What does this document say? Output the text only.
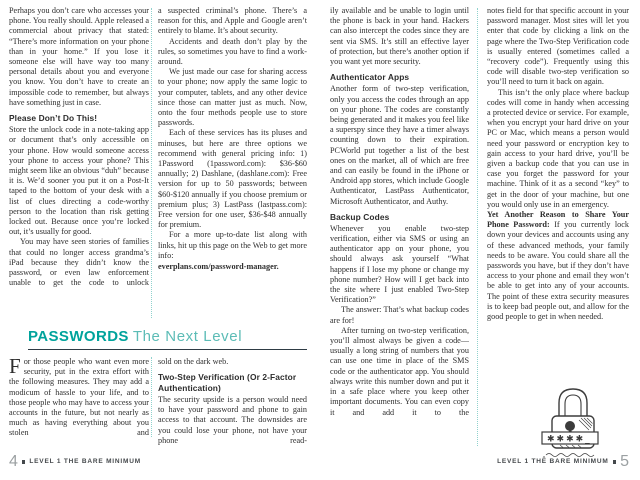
Perhaps you don’t care who accesses your phone. You really should. Apple released a commercial about privacy that stated: “There’s more information on your phone than in your home.” If you lose it someone else will have way too many personal details about you and everyone you know. You don’t have to create an impossible code to remember, but always have something just in case.

Please Don’t Do This!

Store the unlock code in a note-taking app or document that’s only accessible on your phone. How would someone access your phone to access your phone? This might seem like an obvious “duh” because it is. We’d sooner you put it on a Post-It taped to the bottom of your desk with a list of clues directing a code-worthy person to the location than risk getting locked out. Because once you’re locked out, it’s usually for good.

You may have seen stories of families that could no longer access grandma’s iPad because they didn’t know the password, or even law enforcement unable to get the code to unlock

a suspected criminal’s phone. There’s a reason for this, and Apple and Google aren’t entirely to blame. It’s about security.

Accidents and death don’t play by the rules, so sometimes you have to find a work-around.

We just made our case for sharing access to your phone; now apply the same logic to your computer, tablets, and any other device since those can matter just as much. Now, onto the four methods people use to store passwords.

Each of these services has its pluses and minuses, but here are three options we recommend with general pricing info: 1) 1Password (1password.com): $36-$60 annually; 2) Dashlane, (dashlane.com): Free version for up to 50 passwords; between $60-$120 annually if you choose premium or premium plus; 3) LastPass (lastpass.com): Free version for one user, $36-$48 annually for premium.

For a more up-to-date list along with links, hit up this page on the Web to get more info:

everplans.com/password-manager.

PASSWORDS The Next Level

For those people who want even more security, put in the extra effort with the following measures. They may add a modicum of hassle to your life, and to those people who may have to access your accounts in the future, but not nearly as much as having everything about you stolen and

sold on the dark web.

Two-Step Verification (Or 2-Factor Authentication)

The security upside is a person would need to have your password and phone to gain access to that account. The downsides are you could lose your phone, not have your phone read-

ily available and be unable to login until the phone is back in your hand. Hackers can also intercept the codes since they are sent via SMS. It’s still an effective layer of protection, but there’s another option if you want yet more security.

Authenticator Apps

Another form of two-step verification, only you access the codes through an app on your phone. The codes are constantly being generated and it makes you feel like a superspy since they have a timer always counting down to their expiration. PCWorld put together a list of the best ones on the market, all of which are free and can easily be found in the iPhone or Android app stores, which include Google Authenticator, LastPass Authenticator, Microsoft Authenticator, and Authy.

Backup Codes

Whenever you enable two-step verification, either via SMS or using an authenticator app on your phone, you should always ask yourself “What happens if I lose my phone or change my phone number? How will I get back into the site where I just enabled Two-Step Verification?”

The answer: That’s what backup codes are for!

After turning on two-step verification, you’ll almost always be given a code—usually a long string of numbers that you can use one time in place of the SMS code or the authenticator app. You should always write this number down and put it in a safe place where you keep other important documents. You can even copy it and add it to the

notes field for that specific account in your password manager. Most sites will let you enter that code by clicking a link on the page where the Two-Step Verification code is usually entered (sometimes called a “recovery code”). Frequently using this code will disable two-step verification so you’ll need to turn it back on again.

This isn’t the only place where backup codes will come in handy when accessing a protected device or service. For example, when you encrypt your hard drive on your PC or Mac, which means a person would need your password or encryption key to gain access to your hard drive, you’ll be given a backup code that you can use in case you forget the password for your machine. Think of it as a second “key” to get in the door of your machine, but one you would only use in an emergency.

Yet Another Reason to Share Your Phone Password: If you currently lock down your devices and accounts using any of these advanced methods, your family needs to be aware. You could share all the passwords you have, but if they don’t have access to your phone and email they won’t be able to get into any of your accounts. The point of these extra security measures is to keep bad people out, and allow for the good people to get in when needed.

✱✱✱✱_
4 LEVEL 1 THE BARE MINIMUM	LEVEL 1 THE BARE MINIMUM 5
